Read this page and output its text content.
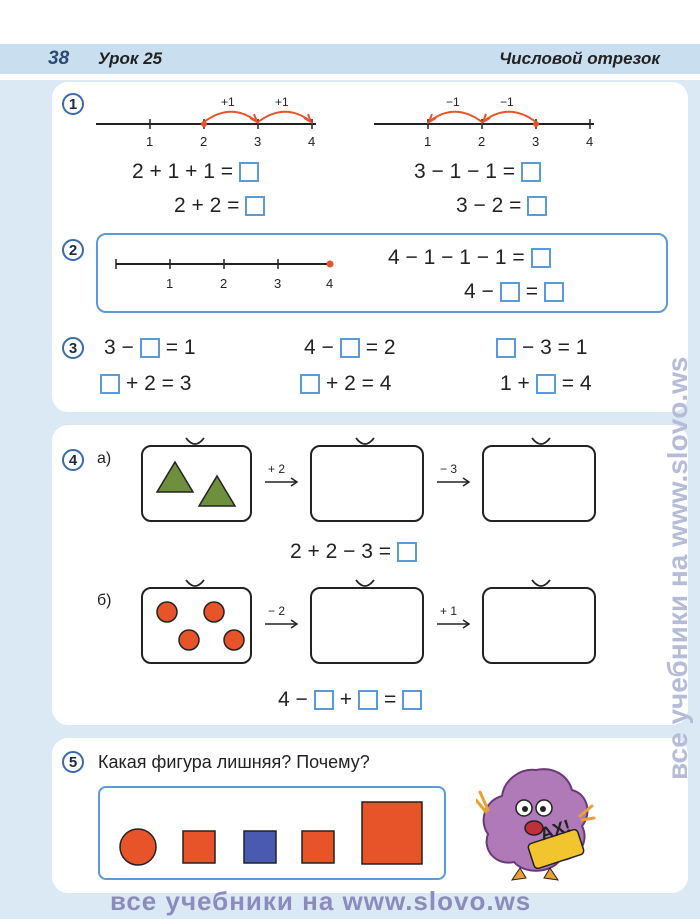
38 Урок 25	Числовой отрезок
1	+1	+1
1	2	3	4
2 + 1 + 1 =
2 + 2 =
−1	−1
1	2	3	4
3 − 1 − 1 =
3 − 2 =
2
1	2	3	4
4 − 1 − 1 − 1 =
4 − =
3	3 − = 1	4 − = 2	− 3 = 1
+ 2 = 3	+ 2 = 4	1 + = 4
4	а)
+ 2	− 3
2 + 2 − 3 =
б)
− 2	+ 1
4 − + =
5	Какая фигура лишняя? Почему?
АХ!
все учебники на www.slovo.ws
все учебники на www.slovo.ws
